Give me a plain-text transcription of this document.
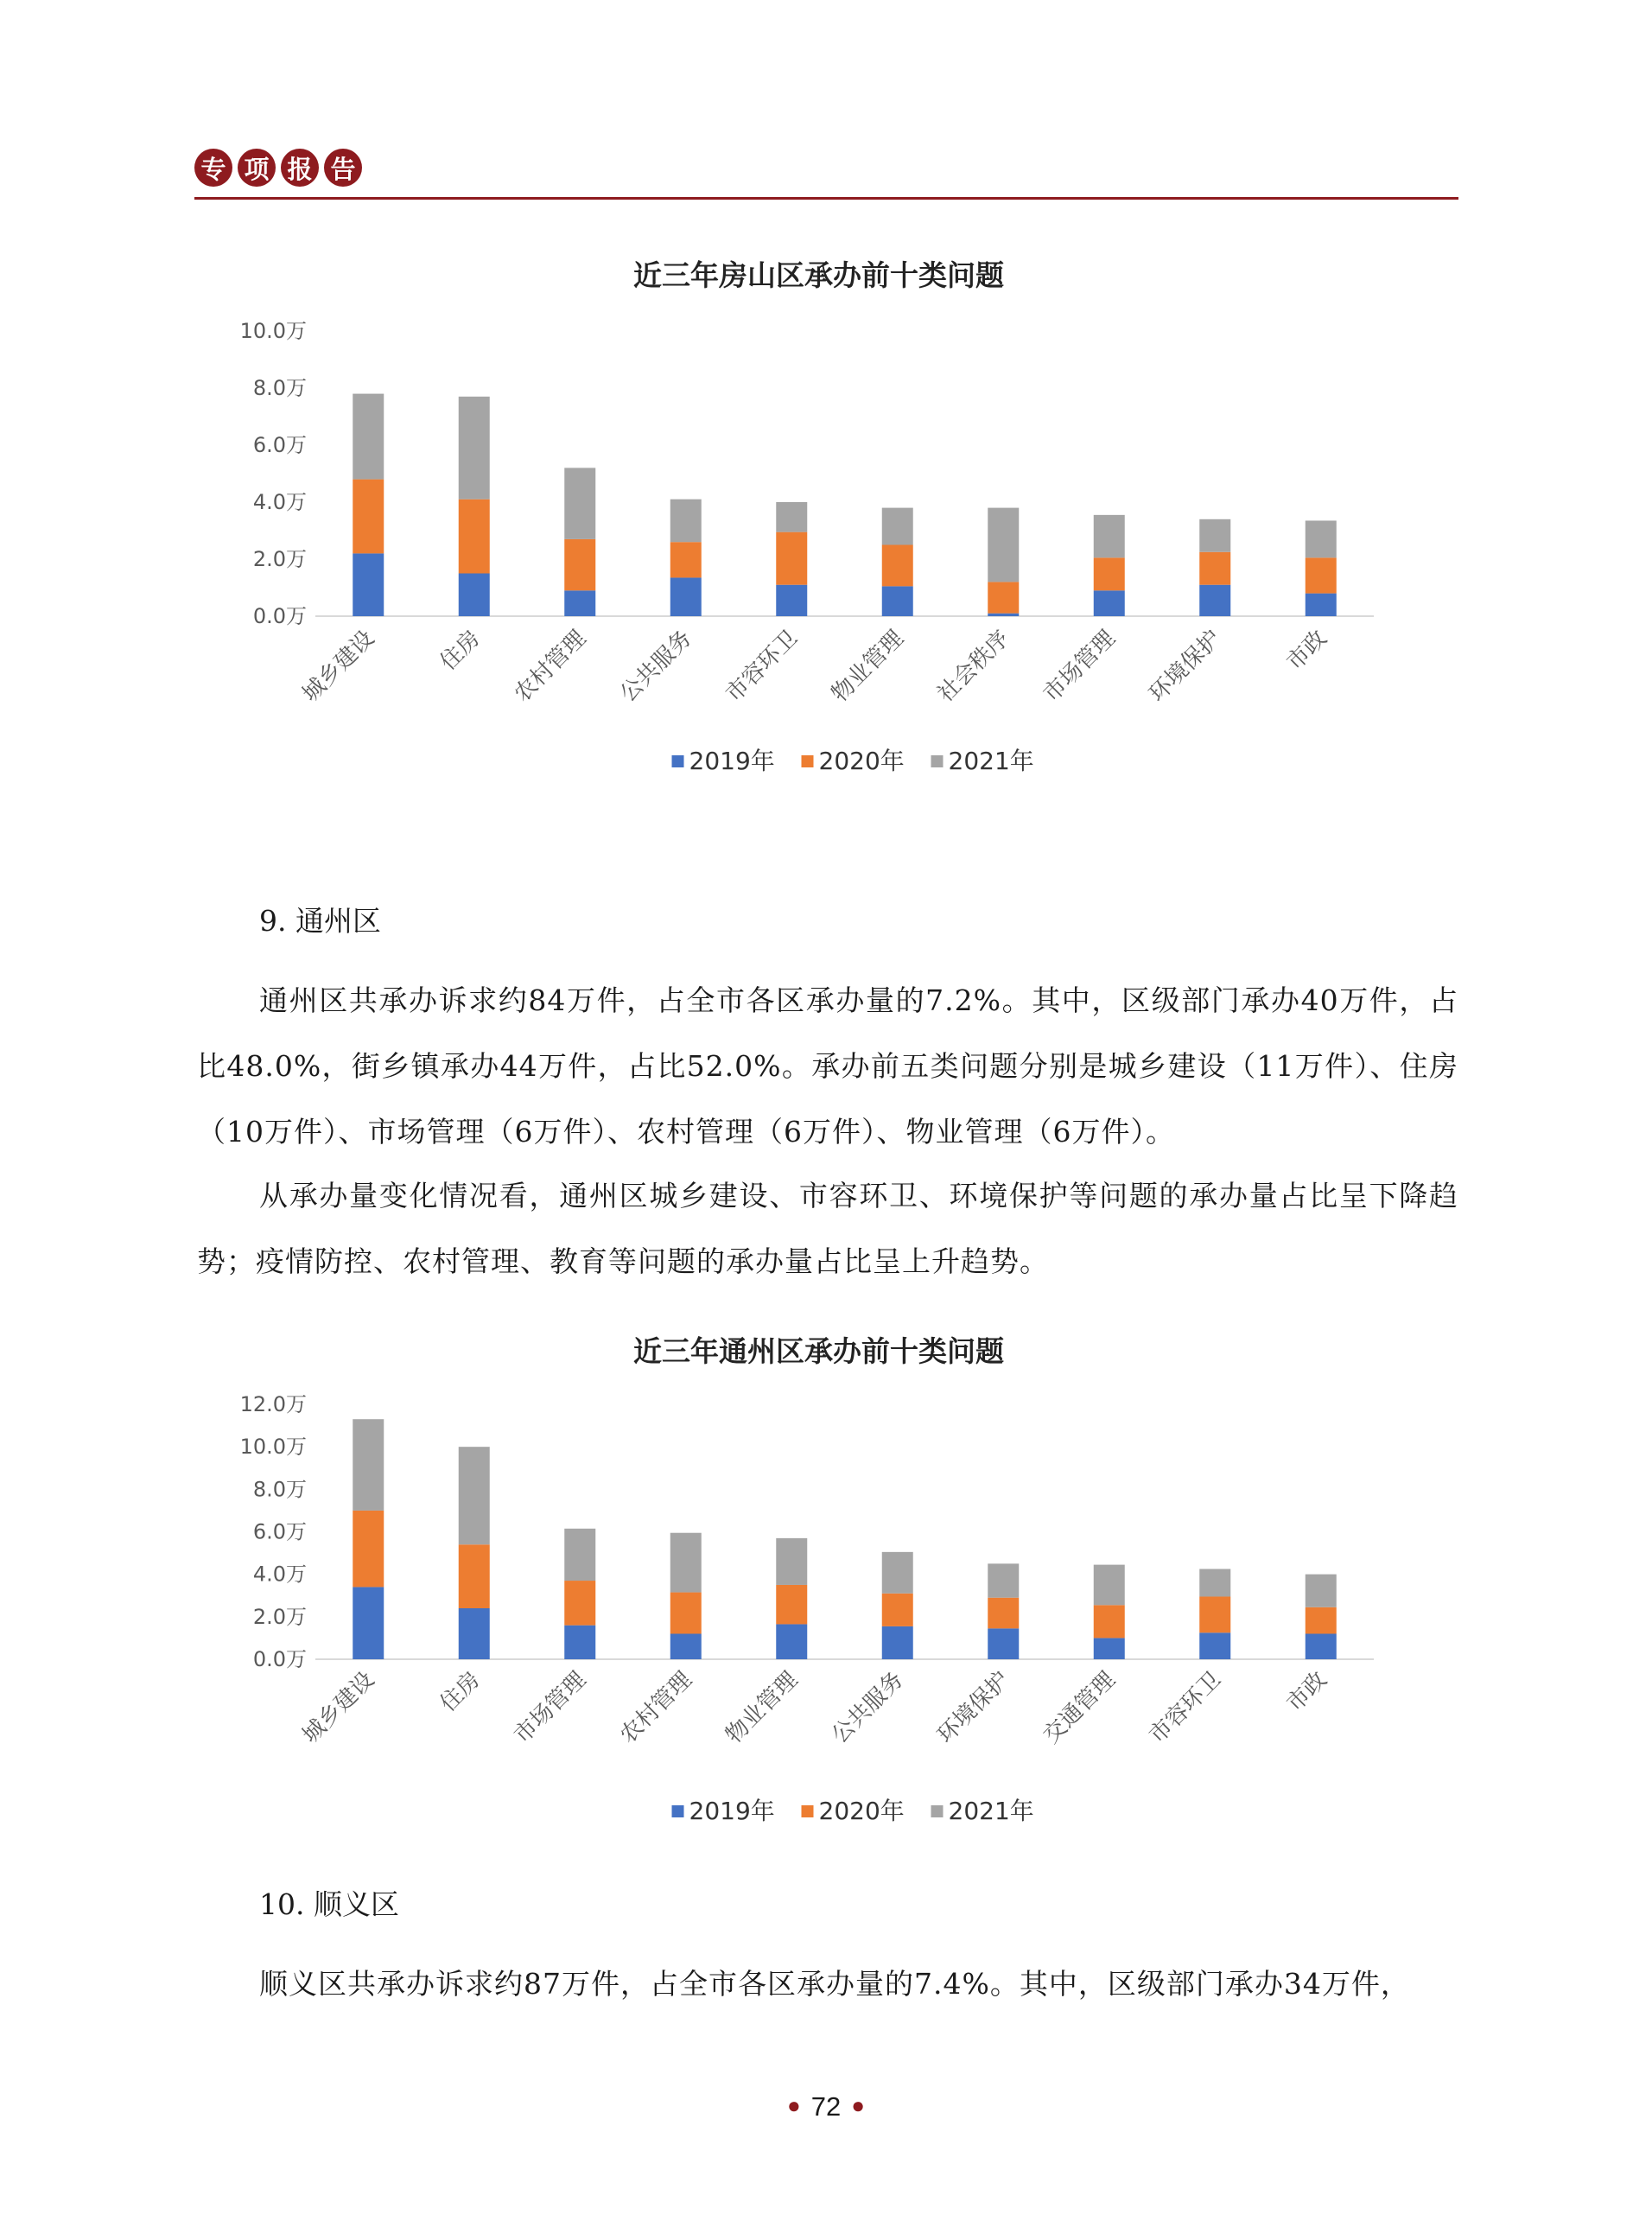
专 项 报 告
近三年房山区承办前十类问题
0.0万
2.0万
4.0万
6.0万
8.0万
10.0万
城乡建设 住房 农村管理 公共服务 市容环卫 物业管理 社会秩序 市场管理 环境保护 市政
2019年 2020年 2021年
近三年通州区承办前十类问题
0.0万
2.0万
4.0万
6.0万
8.0万
10.0万
12.0万
城乡建设 住房 市场管理 农村管理 物业管理 公共服务 环境保护 交通管理 市容环卫 市政
2019年 2020年 2021年

9. 通州区

通州区共承办诉求约84万件，占全市各区承办量的7.2%。其中，区级部门承办40万件，占比48.0%，街乡镇承办44万件，占比52.0%。承办前五类问题分别是城乡建设（11万件）、住房（10万件）、市场管理（6万件）、农村管理（6万件）、物业管理（6万件）。

从承办量变化情况看，通州区城乡建设、市容环卫、环境保护等问题的承办量占比呈下降趋势；疫情防控、农村管理、教育等问题的承办量占比呈上升趋势。

10. 顺义区

顺义区共承办诉求约87万件，占全市各区承办量的7.4%。其中，区级部门承办34万件，

● 72 ●
